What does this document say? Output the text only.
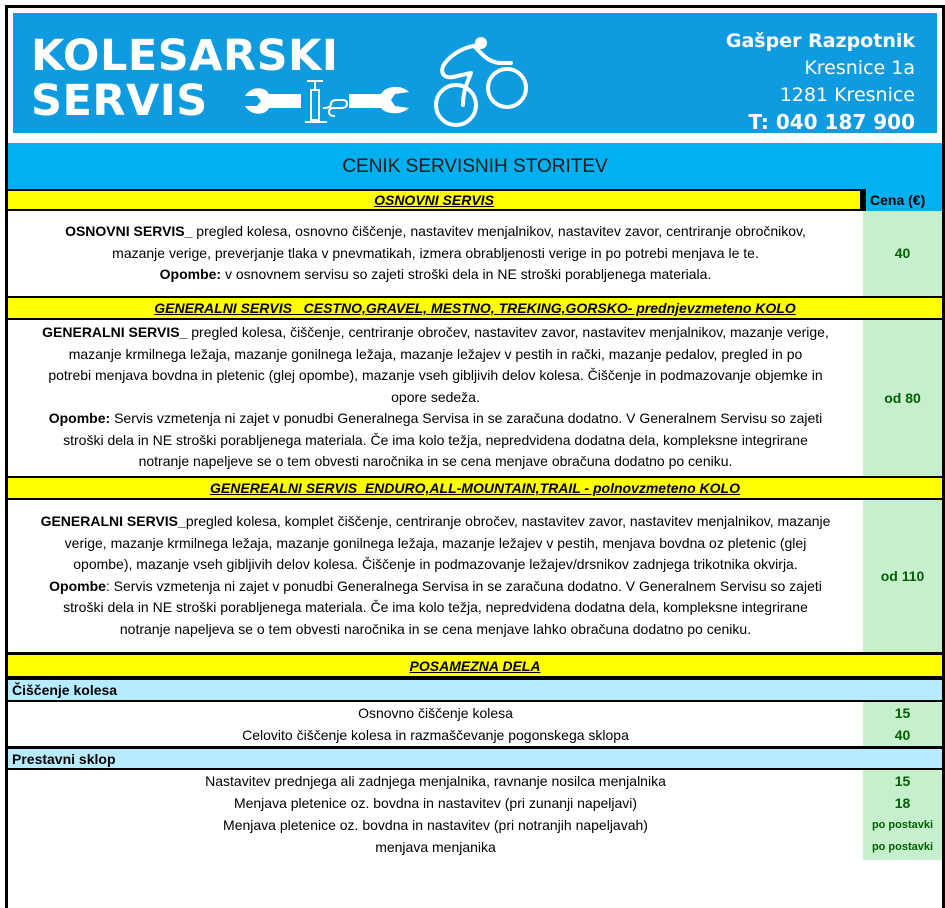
KOLESARSKI
SERVIS
Gašper Razpotnik
Kresnice 1a
1281 Kresnice
T: 040 187 900
CENIK SERVISNIH STORITEV
OSNOVNI SERVIS	Cena (€)
OSNOVNI SERVIS_ pregled kolesa, osnovno čiščenje, nastavitev menjalnikov, nastavitev zavor, centriranje obročnikov,
mazanje verige, preverjanje tlaka v pnevmatikah, izmera obrabljenosti verige in po potrebi menjava le te.
Opombe: v osnovnem servisu so zajeti stroški dela in NE stroški porabljenega materiala.
40
GENERALNI SERVIS _CESTNO,GRAVEL, MESTNO, TREKING,GORSKO- prednjevzmeteno KOLO
GENERALNI SERVIS_ pregled kolesa, čiščenje, centriranje obročev, nastavitev zavor, nastavitev menjalnikov, mazanje verige,
mazanje krmilnega ležaja, mazanje gonilnega ležaja, mazanje ležajev v pestih in rački, mazanje pedalov, pregled in po
potrebi menjava bovdna in pletenic (glej opombe), mazanje vseh gibljivih delov kolesa. Čiščenje in podmazovanje objemke in
opore sedeža.
Opombe: Servis vzmetenja ni zajet v ponudbi Generalnega Servisa in se zaračuna dodatno. V Generalnem Servisu so zajeti
stroški dela in NE stroški porabljenega materiala. Če ima kolo težja, nepredvidena dodatna dela, kompleksne integrirane
notranje napeljeve se o tem obvesti naročnika in se cena menjave obračuna dodatno po ceniku.
od 80
GENEREALNI SERVIS_ENDURO,ALL-MOUNTAIN,TRAIL - polnovzmeteno KOLO
GENERALNI SERVIS_pregled kolesa, komplet čiščenje, centriranje obročev, nastavitev zavor, nastavitev menjalnikov, mazanje
verige, mazanje krmilnega ležaja, mazanje gonilnega ležaja, mazanje ležajev v pestih, menjava bovdna oz pletenic (glej
opombe), mazanje vseh gibljivih delov kolesa. Čiščenje in podmazovanje ležajev/drsnikov zadnjega trikotnika okvirja.
Opombe: Servis vzmetenja ni zajet v ponudbi Generalnega Servisa in se zaračuna dodatno. V Generalnem Servisu so zajeti
stroški dela in NE stroški porabljenega materiala. Če ima kolo težja, nepredvidena dodatna dela, kompleksne integrirane
notranje napeljeva se o tem obvesti naročnika in se cena menjave lahko obračuna dodatno po ceniku.
od 110
POSAMEZNA DELA
Čiščenje kolesa
Osnovno čiščenje kolesa	15
Celovito čiščenje kolesa in razmaščevanje pogonskega sklopa	40
Prestavni sklop
Nastavitev prednjega ali zadnjega menjalnika, ravnanje nosilca menjalnika	15
Menjava pletenice oz. bovdna in nastavitev (pri zunanji napeljavi)	18
Menjava pletenice oz. bovdna in nastavitev (pri notranjih napeljavah)	po postavki
menjava menjanika	po postavki
